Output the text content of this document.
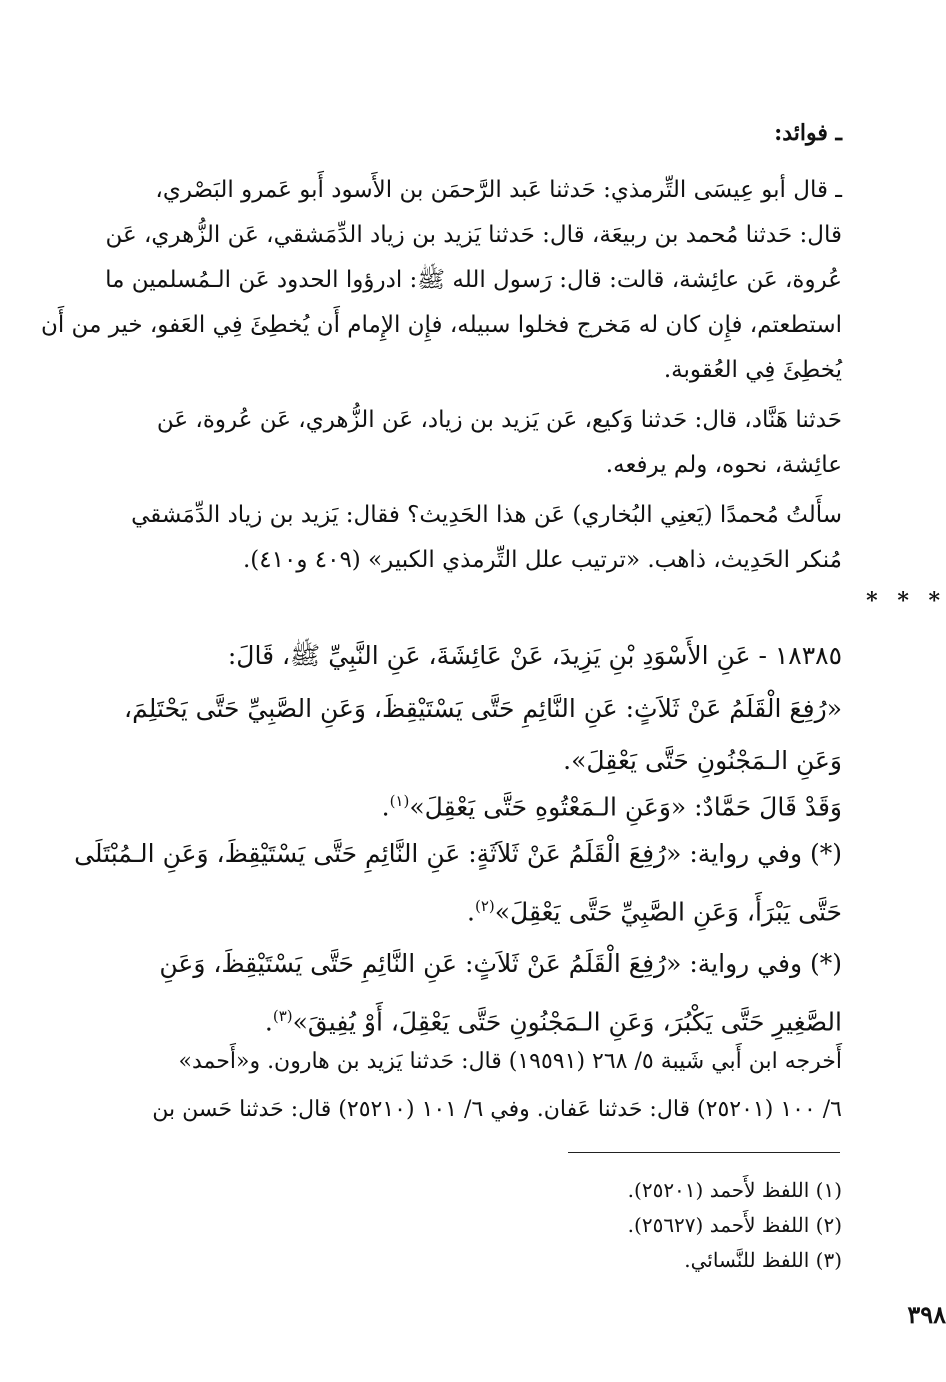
ـ فوائد:
ـ قال أبو عِيسَى التِّرمذي: حَدثنا عَبد الرَّحمَن بن الأَسود أَبو عَمرو البَصْري،
قال: حَدثنا مُحمد بن ربيعَة، قال: حَدثنا يَزيد بن زياد الدِّمَشقي، عَن الزُّهري، عَن
عُروة، عَن عائِشة، قالت: قال: رَسول الله ﷺ: ادرؤوا الحدود عَن الـمُسلمين ما
استطعتم، فإِن كان له مَخرج فخلوا سبيله، فإِن الإِمام أَن يُخطِئَ فِي العَفو، خير من أَن
يُخطِئَ فِي العُقوبة.
حَدثنا هَنَّاد، قال: حَدثنا وَكيع، عَن يَزيد بن زياد، عَن الزُّهري، عَن عُروة، عَن
عائِشة، نحوه، ولم يرفعه.
سأَلتُ مُحمدًا (يَعنِي البُخاري) عَن هذا الحَدِيث؟ فقال: يَزيد بن زياد الدِّمَشقي
مُنكر الحَدِيث، ذاهب. «ترتيب علل التِّرمذي الكبير» (٤٠٩ و٤١٠).
* * *
١٨٣٨٥ - عَنِ الأَسْوَدِ بْنِ يَزِيدَ، عَنْ عَائِشَةَ، عَنِ النَّبِيِّ ﷺ، قَالَ:
«رُفِعَ الْقَلَمُ عَنْ ثَلاَثٍ: عَنِ النَّائِمِ حَتَّى يَسْتَيْقِظَ، وَعَنِ الصَّبِيِّ حَتَّى يَحْتَلِمَ،
وَعَنِ الـمَجْنُونِ حَتَّى يَعْقِلَ».
وَقَدْ قَالَ حَمَّادٌ: «وَعَنِ الـمَعْتُوهِ حَتَّى يَعْقِلَ»$^{(١)}$.
(*) وفي رواية: «رُفِعَ الْقَلَمُ عَنْ ثَلاَثَةٍ: عَنِ النَّائِمِ حَتَّى يَسْتَيْقِظَ، وَعَنِ الـمُبْتَلَى
حَتَّى يَبْرَأَ، وَعَنِ الصَّبِيِّ حَتَّى يَعْقِلَ»$^{(٢)}$.
(*) وفي رواية: «رُفِعَ الْقَلَمُ عَنْ ثَلاَثٍ: عَنِ النَّائِمِ حَتَّى يَسْتَيْقِظَ، وَعَنِ
الصَّغِيرِ حَتَّى يَكْبُرَ، وَعَنِ الـمَجْنُونِ حَتَّى يَعْقِلَ، أَوْ يُفِيقَ»$^{(٣)}$.
أَخرجه ابن أَبي شَيبة ٥/ ٢٦٨ (١٩٥٩١) قال: حَدثنا يَزيد بن هارون. و«أَحمد»
٦/ ١٠٠ (٢٥٢٠١) قال: حَدثنا عَفان. وفي ٦/ ١٠١ (٢٥٢١٠) قال: حَدثنا حَسن بن
(١) اللفظ لأَحمد (٢٥٢٠١).
(٢) اللفظ لأَحمد (٢٥٦٢٧).
(٣) اللفظ للنَّسائي.
٣٩٨
